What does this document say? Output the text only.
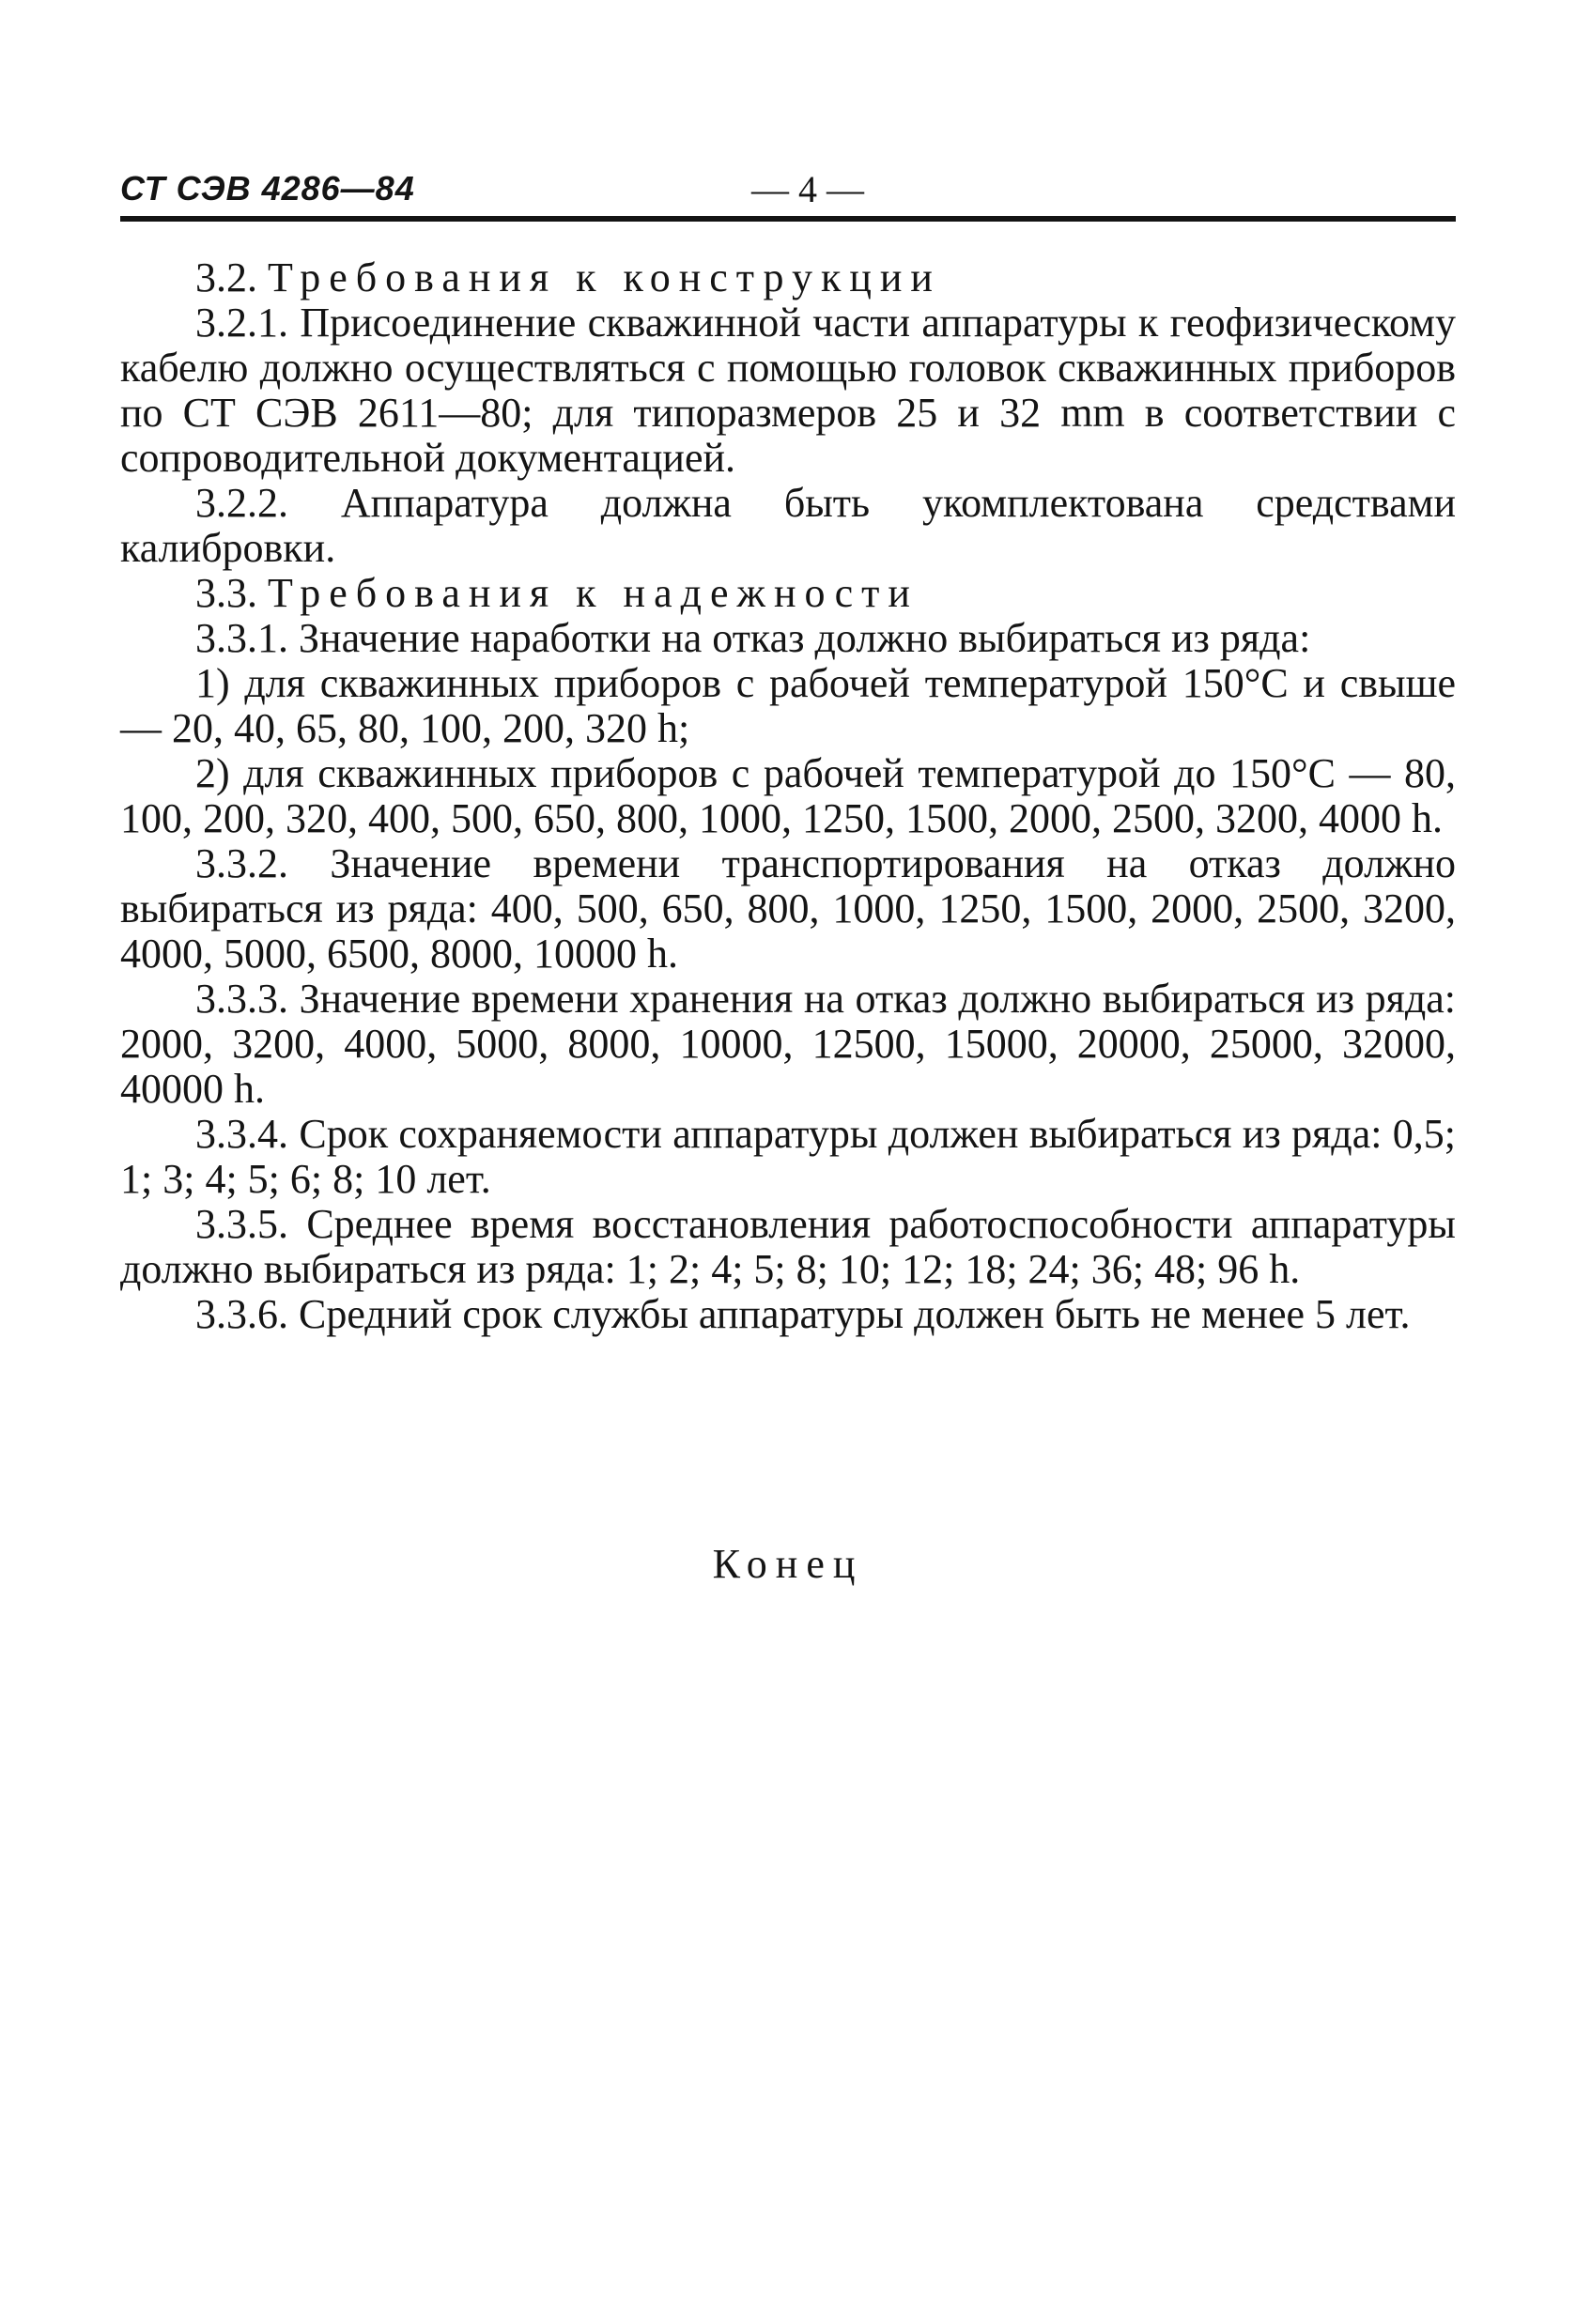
СТ СЭВ 4286—84	— 4 —

3.2. Требования к конструкции

3.2.1. Присоединение скважинной части аппаратуры к геофизическому кабелю должно осуществляться с помощью головок скважинных приборов по СТ СЭВ 2611—80; для типоразмеров 25 и 32 mm в соответствии с сопроводительной документацией.

3.2.2. Аппаратура должна быть укомплектована средствами калибровки.

3.3. Требования к надежности

3.3.1. Значение наработки на отказ должно выбираться из ряда:

1) для скважинных приборов с рабочей температурой 150°С и свыше — 20, 40, 65, 80, 100, 200, 320 h;

2) для скважинных приборов с рабочей температурой до 150°С — 80, 100, 200, 320, 400, 500, 650, 800, 1000, 1250, 1500, 2000, 2500, 3200, 4000 h.

3.3.2. Значение времени транспортирования на отказ должно выбираться из ряда: 400, 500, 650, 800, 1000, 1250, 1500, 2000, 2500, 3200, 4000, 5000, 6500, 8000, 10000 h.

3.3.3. Значение времени хранения на отказ должно выбираться из ряда: 2000, 3200, 4000, 5000, 8000, 10000, 12500, 15000, 20000, 25000, 32000, 40000 h.

3.3.4. Срок сохраняемости аппаратуры должен выбираться из ряда: 0,5; 1; 3; 4; 5; 6; 8; 10 лет.

3.3.5. Среднее время восстановления работоспособности аппаратуры должно выбираться из ряда: 1; 2; 4; 5; 8; 10; 12; 18; 24; 36; 48; 96 h.

3.3.6. Средний срок службы аппаратуры должен быть не менее 5 лет.

Конец
